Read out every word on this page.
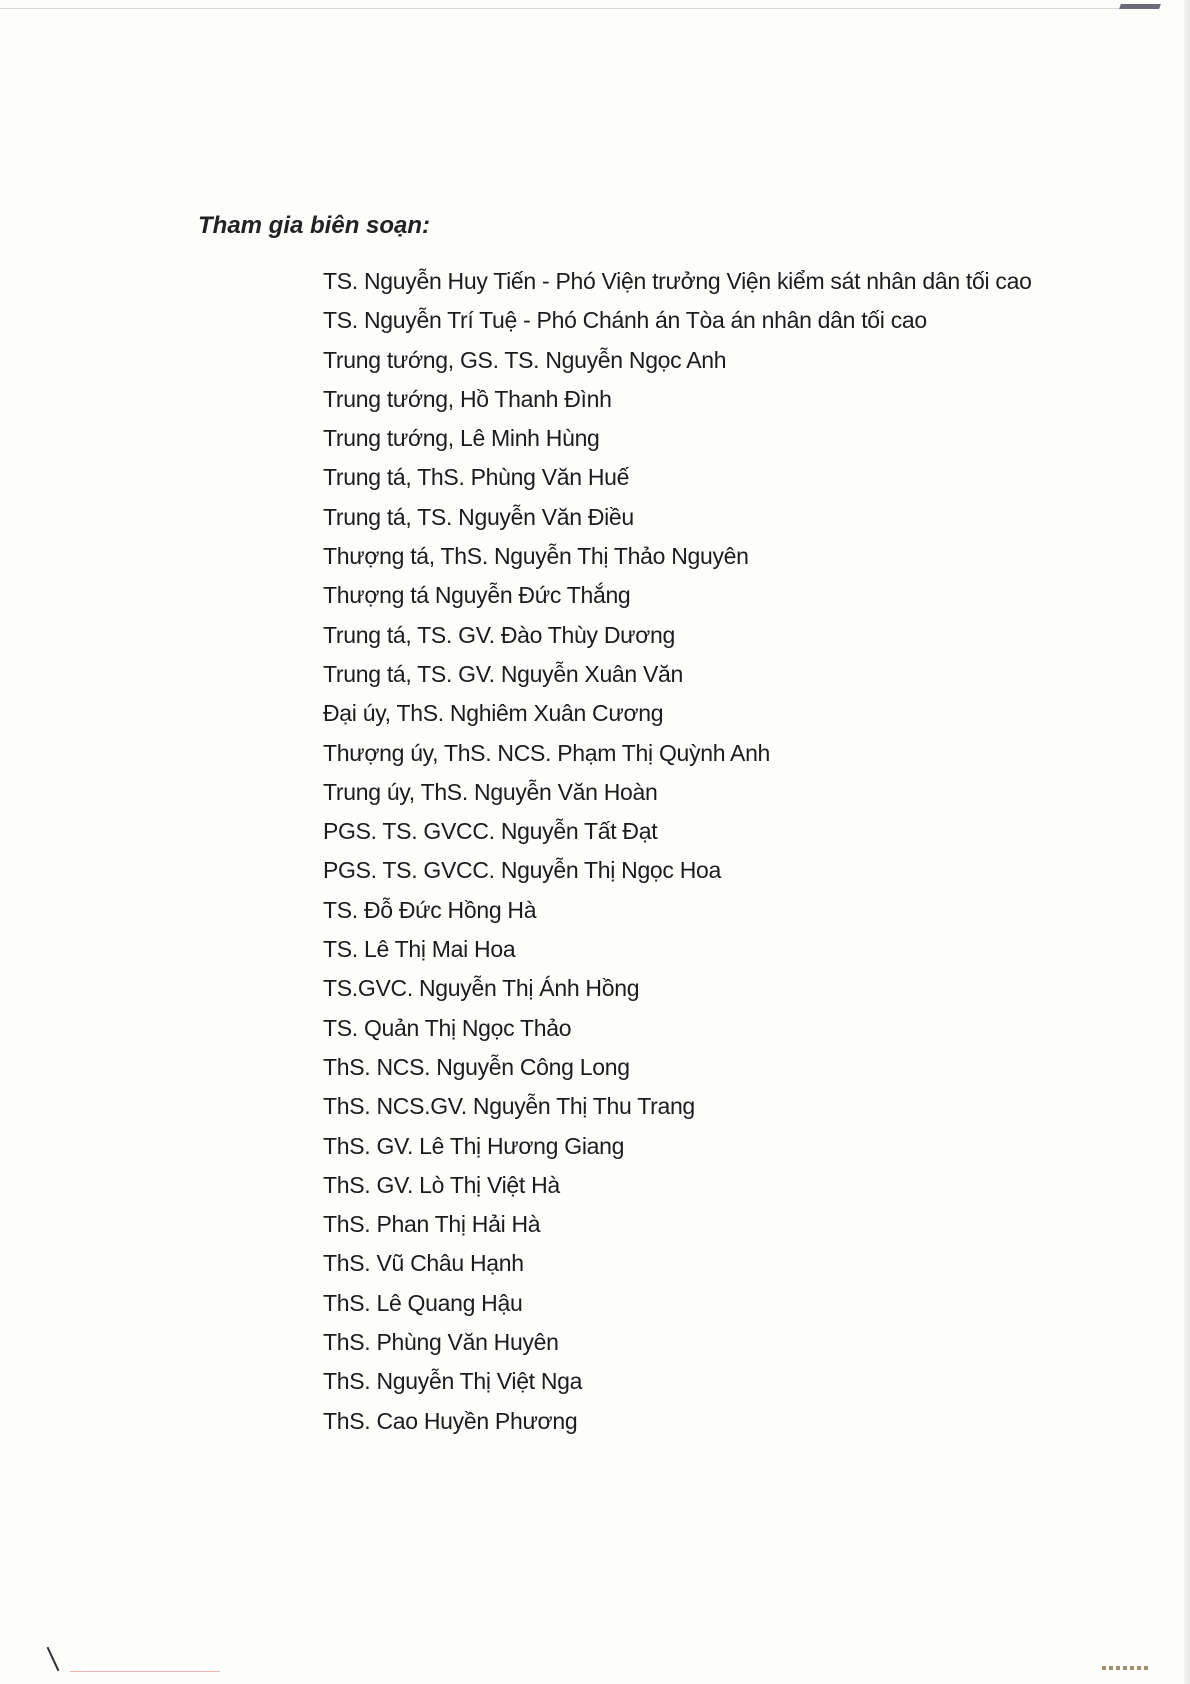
Tham gia biên soạn:
TS. Nguyễn Huy Tiến - Phó Viện trưởng Viện kiểm sát nhân dân tối cao
TS. Nguyễn Trí Tuệ - Phó Chánh án Tòa án nhân dân tối cao
Trung tướng, GS. TS. Nguyễn Ngọc Anh
Trung tướng, Hồ Thanh Đình
Trung tướng, Lê Minh Hùng
Trung tá, ThS. Phùng Văn Huế
Trung tá, TS. Nguyễn Văn Điều
Thượng tá, ThS. Nguyễn Thị Thảo Nguyên
Thượng tá Nguyễn Đức Thắng
Trung tá, TS. GV. Đào Thùy Dương
Trung tá, TS. GV. Nguyễn Xuân Văn
Đại úy, ThS. Nghiêm Xuân Cương
Thượng úy, ThS. NCS. Phạm Thị Quỳnh Anh
Trung úy, ThS. Nguyễn Văn Hoàn
PGS. TS. GVCC. Nguyễn Tất Đạt
PGS. TS. GVCC. Nguyễn Thị Ngọc Hoa
TS. Đỗ Đức Hồng Hà
TS. Lê Thị Mai Hoa
TS.GVC. Nguyễn Thị Ánh Hồng
TS. Quản Thị Ngọc Thảo
ThS. NCS. Nguyễn Công Long
ThS. NCS.GV. Nguyễn Thị Thu Trang
ThS. GV. Lê Thị Hương Giang
ThS. GV. Lò Thị Việt Hà
ThS. Phan Thị Hải Hà
ThS. Vũ Châu Hạnh
ThS. Lê Quang Hậu
ThS. Phùng Văn Huyên
ThS. Nguyễn Thị Việt Nga
ThS. Cao Huyền Phương
